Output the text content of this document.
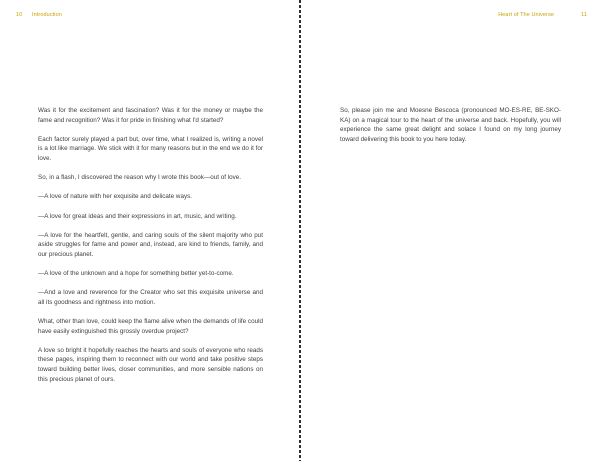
10 Introduction

Was it for the excitement and fascination? Was it for the money or maybe the fame and recognition? Was it for pride in finishing what I'd started?

Each factor surely played a part but, over time, what I realized is, writing a novel is a lot like marriage. We stick with it for many reasons but in the end we do it for love.

So, in a flash, I discovered the reason why I wrote this book—out of love.

—A love of nature with her exquisite and delicate ways.

—A love for great ideas and their expressions in art, music, and writing.

—A love for the heartfelt, gentle, and caring souls of the silent majority who put aside struggles for fame and power and, instead, are kind to friends, family, and our precious planet.

—A love of the unknown and a hope for something better yet-to-come.

—And a love and reverence for the Creator who set this exquisite universe and all its goodness and rightness into motion.

What, other than love, could keep the flame alive when the demands of life could have easily extinguished this grossly overdue project?

A love so bright it hopefully reaches the hearts and souls of everyone who reads these pages, inspiring them to reconnect with our world and take positive steps toward building better lives, closer communities, and more sensible nations on this precious planet of ours.

Heart of The Universe	11

So, please join me and Moesne Bescoca (pronounced MO-ES-RE, BE-SKO-KA) on a magical tour to the heart of the universe and back. Hopefully, you will experience the same great delight and solace I found on my long journey toward delivering this book to you here today.
